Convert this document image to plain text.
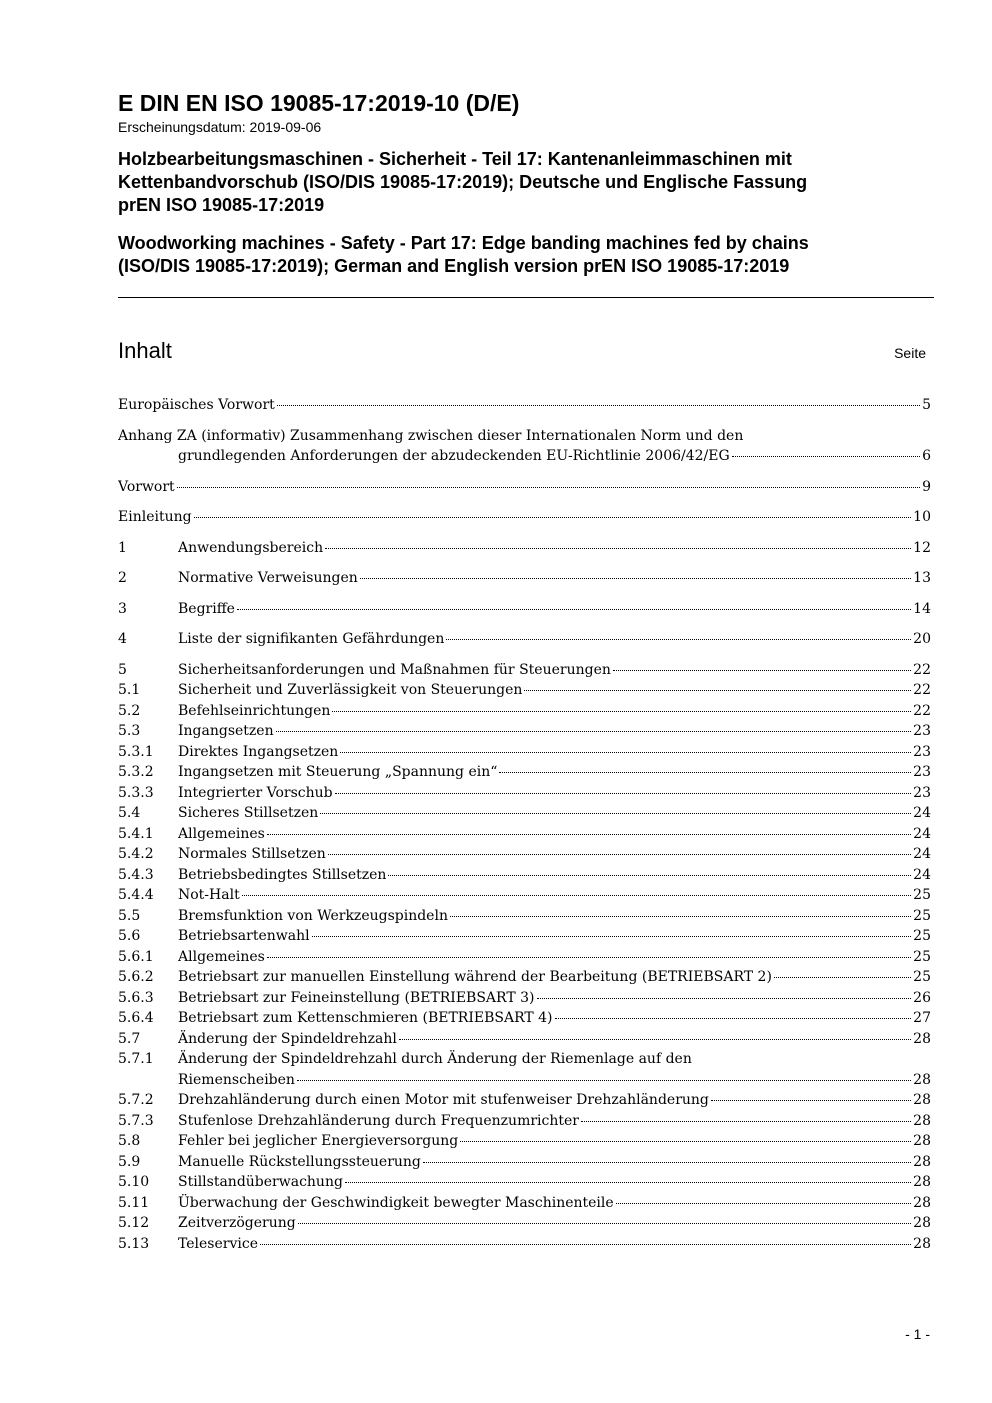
E DIN EN ISO 19085-17:2019-10 (D/E)

Erscheinungsdatum: 2019-09-06

Holzbearbeitungsmaschinen - Sicherheit - Teil 17: Kantenanleimmaschinen mit
Kettenbandvorschub (ISO/DIS 19085-17:2019); Deutsche und Englische Fassung
prEN ISO 19085-17:2019

Woodworking machines - Safety - Part 17: Edge banding machines fed by chains
(ISO/DIS 19085-17:2019); German and English version prEN ISO 19085-17:2019

Inhalt	Seite
Europäisches Vorwort	5
Anhang ZA (informativ) Zusammenhang zwischen dieser Internationalen Norm und den
grundlegenden Anforderungen der abzudeckenden EU-Richtlinie 2006/42/EG	6
Vorwort	9
Einleitung	10
1	Anwendungsbereich	12
2	Normative Verweisungen	13
3	Begriffe	14
4	Liste der signifikanten Gefährdungen	20
5	Sicherheitsanforderungen und Maßnahmen für Steuerungen	22
5.1	Sicherheit und Zuverlässigkeit von Steuerungen	22
5.2	Befehlseinrichtungen	22
5.3	Ingangsetzen	23
5.3.1	Direktes Ingangsetzen	23
5.3.2	Ingangsetzen mit Steuerung „Spannung ein“	23
5.3.3	Integrierter Vorschub	23
5.4	Sicheres Stillsetzen	24
5.4.1	Allgemeines	24
5.4.2	Normales Stillsetzen	24
5.4.3	Betriebsbedingtes Stillsetzen	24
5.4.4	Not-Halt	25
5.5	Bremsfunktion von Werkzeugspindeln	25
5.6	Betriebsartenwahl	25
5.6.1	Allgemeines	25
5.6.2	Betriebsart zur manuellen Einstellung während der Bearbeitung (BETRIEBSART 2)	25
5.6.3	Betriebsart zur Feineinstellung (BETRIEBSART 3)	26
5.6.4	Betriebsart zum Kettenschmieren (BETRIEBSART 4)	27
5.7	Änderung der Spindeldrehzahl	28
5.7.1	Änderung der Spindeldrehzahl durch Änderung der Riemenlage auf den
Riemenscheiben	28
5.7.2	Drehzahländerung durch einen Motor mit stufenweiser Drehzahländerung	28
5.7.3	Stufenlose Drehzahländerung durch Frequenzumrichter	28
5.8	Fehler bei jeglicher Energieversorgung	28
5.9	Manuelle Rückstellungssteuerung	28
5.10	Stillstandüberwachung	28
5.11	Überwachung der Geschwindigkeit bewegter Maschinenteile	28
5.12	Zeitverzögerung	28
5.13	Teleservice	28
- 1 -
